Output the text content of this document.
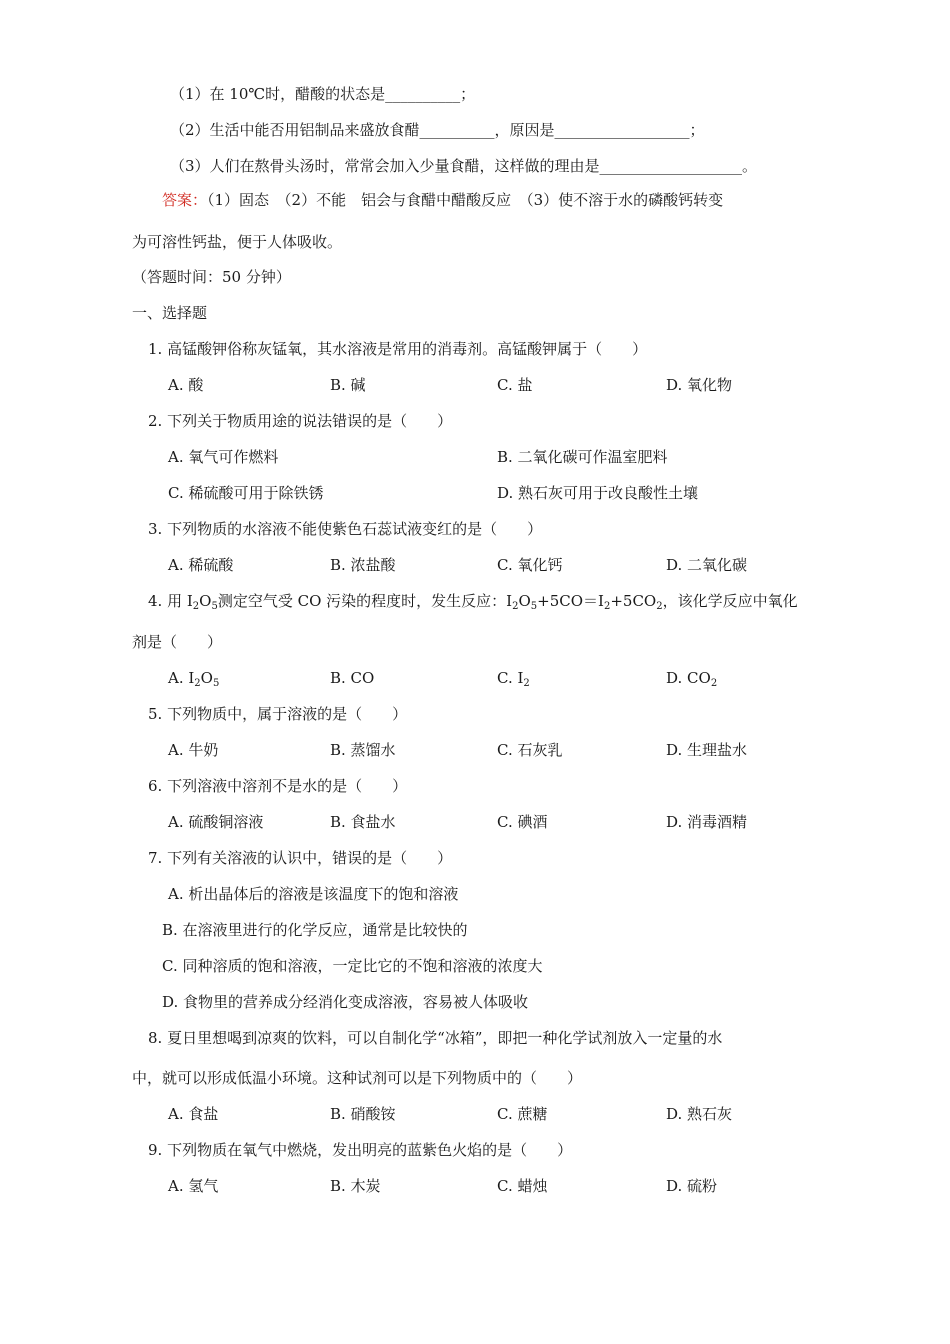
（1）在 10℃时，醋酸的状态是__________；
（2）生活中能否用铝制品来盛放食醋__________，原因是__________________；
（3）人们在熬骨头汤时，常常会加入少量食醋，这样做的理由是___________________。
答案：（1）固态　（2）不能　铝会与食醋中醋酸反应　（3）使不溶于水的磷酸钙转变
为可溶性钙盐，便于人体吸收。
（答题时间：50 分钟）
一、选择题
1. 高锰酸钾俗称灰锰氧，其水溶液是常用的消毒剂。高锰酸钾属于（　　）
A. 酸	B. 碱	C. 盐	D. 氧化物
2. 下列关于物质用途的说法错误的是（　　）
A. 氧气可作燃料	B. 二氧化碳可作温室肥料
C. 稀硫酸可用于除铁锈	D. 熟石灰可用于改良酸性土壤
3. 下列物质的水溶液不能使紫色石蕊试液变红的是（　　）
A. 稀硫酸	B. 浓盐酸	C. 氧化钙	D. 二氧化碳
4. 用 $I_2O_5$测定空气受 CO 污染的程度时，发生反应：$I_2O_5+5CO=I_2+5CO_2$，该化学反应中氧化
剂是（　　）
A. $I_2O_5$	B. CO	C. $I_2$	D. $CO_2$
5. 下列物质中，属于溶液的是（　　）
A. 牛奶	B. 蒸馏水	C. 石灰乳	D. 生理盐水
6. 下列溶液中溶剂不是水的是（　　）
A. 硫酸铜溶液	B. 食盐水	C. 碘酒	D. 消毒酒精
7. 下列有关溶液的认识中，错误的是（　　）
A. 析出晶体后的溶液是该温度下的饱和溶液
B. 在溶液里进行的化学反应，通常是比较快的
C. 同种溶质的饱和溶液，一定比它的不饱和溶液的浓度大
D. 食物里的营养成分经消化变成溶液，容易被人体吸收
8. 夏日里想喝到凉爽的饮料，可以自制化学“冰箱”，即把一种化学试剂放入一定量的水
中，就可以形成低温小环境。这种试剂可以是下列物质中的（　　）
A. 食盐	B. 硝酸铵	C. 蔗糖	D. 熟石灰
9. 下列物质在氧气中燃烧，发出明亮的蓝紫色火焰的是（　　）
A. 氢气	B. 木炭	C. 蜡烛	D. 硫粉
